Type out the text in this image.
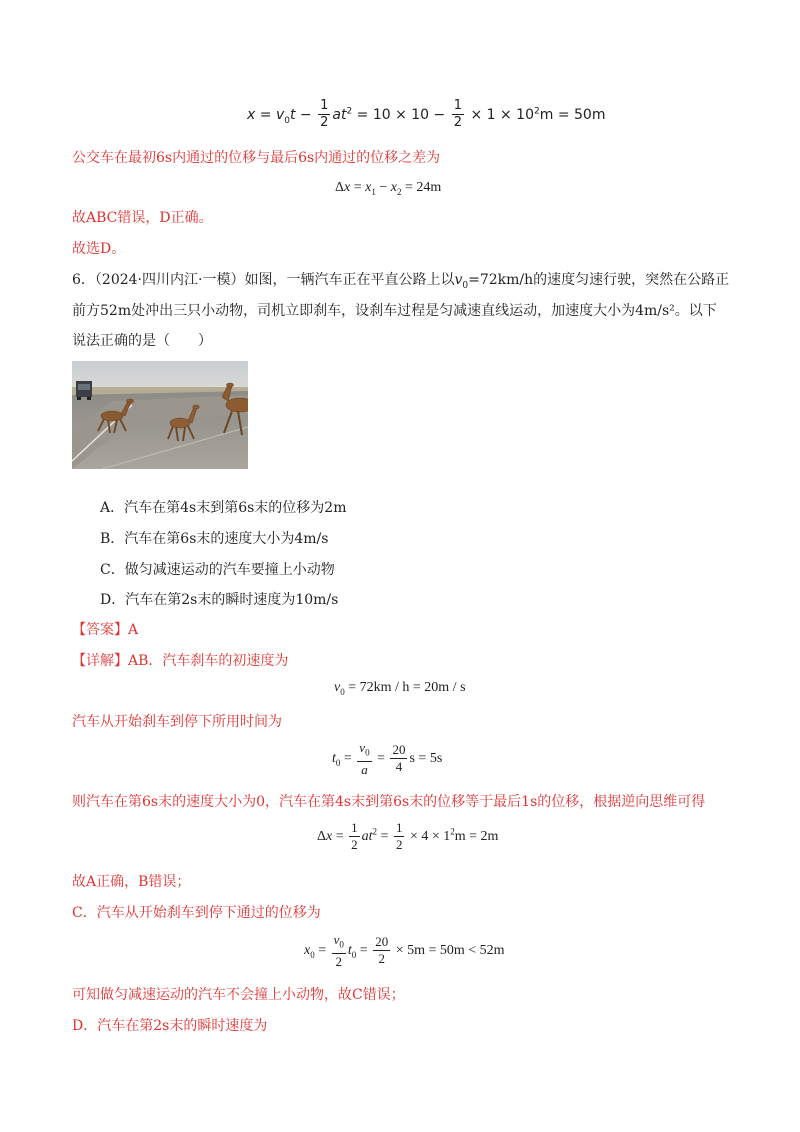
$x = v_0t - \frac{1}{2} at^2 = 10 \times 10 - \frac{1}{2} \times 1 \times 10^2m = 50m$
公交车在最初6s内通过的位移与最后6s内通过的位移之差为
$\Delta x = x_1 - x_2 = 24m$
故ABC错误，D正确。
故选D。
6．（2024·四川内江·一模）如图，一辆汽车正在平直公路上以$v_0=72km/h$的速度匀速行驶，突然在公路正
前方52m处冲出三只小动物，司机立即刹车，设刹车过程是匀减速直线运动，加速度大小为4m/s²。以下
说法正确的是（　　）
A．汽车在第4s末到第6s末的位移为2m
B．汽车在第6s末的速度大小为4m/s
C．做匀减速运动的汽车要撞上小动物
D．汽车在第2s末的瞬时速度为10m/s
【答案】A
【详解】AB．汽车刹车的初速度为
$v_0 = 72km / h = 20m / s$
汽车从开始刹车到停下所用时间为
$t_0 = \frac{v_0}{a} = \frac{20}{4}$ s = 5s
则汽车在第6s末的速度大小为0，汽车在第4s末到第6s末的位移等于最后1s的位移，根据逆向思维可得
$\Delta x = \frac{1}{2} at^2 = \frac{1}{2} \times 4 \times 1^2m = 2m$
故A正确，B错误；
C．汽车从开始刹车到停下通过的位移为
$x_0 = \frac{v_0}{2} t_0 = \frac{20}{2} \times 5m = 50m < 52m$
可知做匀减速运动的汽车不会撞上小动物，故C错误；
D．汽车在第2s末的瞬时速度为
